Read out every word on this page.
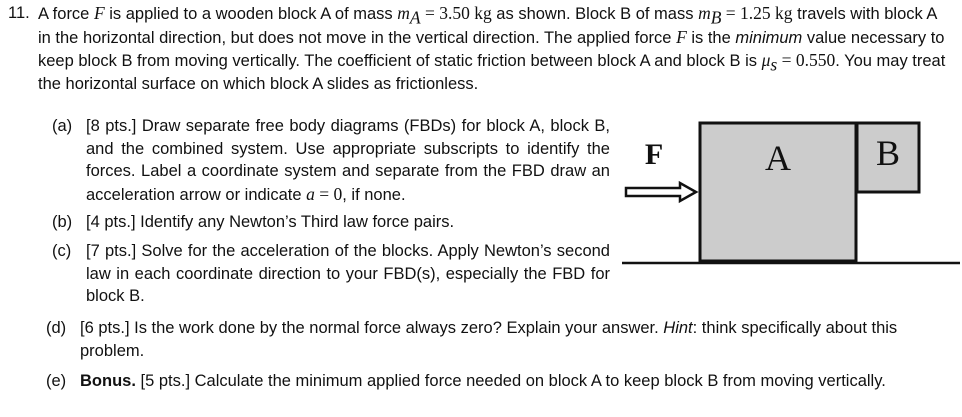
11. A force F is applied to a wooden block A of mass $m_A = 3.50$ kg as shown. Block B of mass $m_B = 1.25$ kg travels with block A in the horizontal direction, but does not move in the vertical direction. The applied force F is the minimum value necessary to keep block B from moving vertically. The coefficient of static friction between block A and block B is $\mu_s = 0.550$. You may treat the horizontal surface on which block A slides as frictionless.
(a) [8 pts.] Draw separate free body diagrams (FBDs) for block A, block B, and the combined system. Use appropriate subscripts to identify the forces. Label a coordinate system and separate from the FBD draw an acceleration arrow or indicate a = 0, if none.
(b) [4 pts.] Identify any Newton’s Third law force pairs.
(c) [7 pts.] Solve for the acceleration of the blocks. Apply Newton’s second law in each coordinate direction to your FBD(s), especially the FBD for block B.
(d) [6 pts.] Is the work done by the normal force always zero? Explain your answer. Hint: think specifically about this problem.
(e) Bonus. [5 pts.] Calculate the minimum applied force needed on block A to keep block B from moving vertically.
F	A B
